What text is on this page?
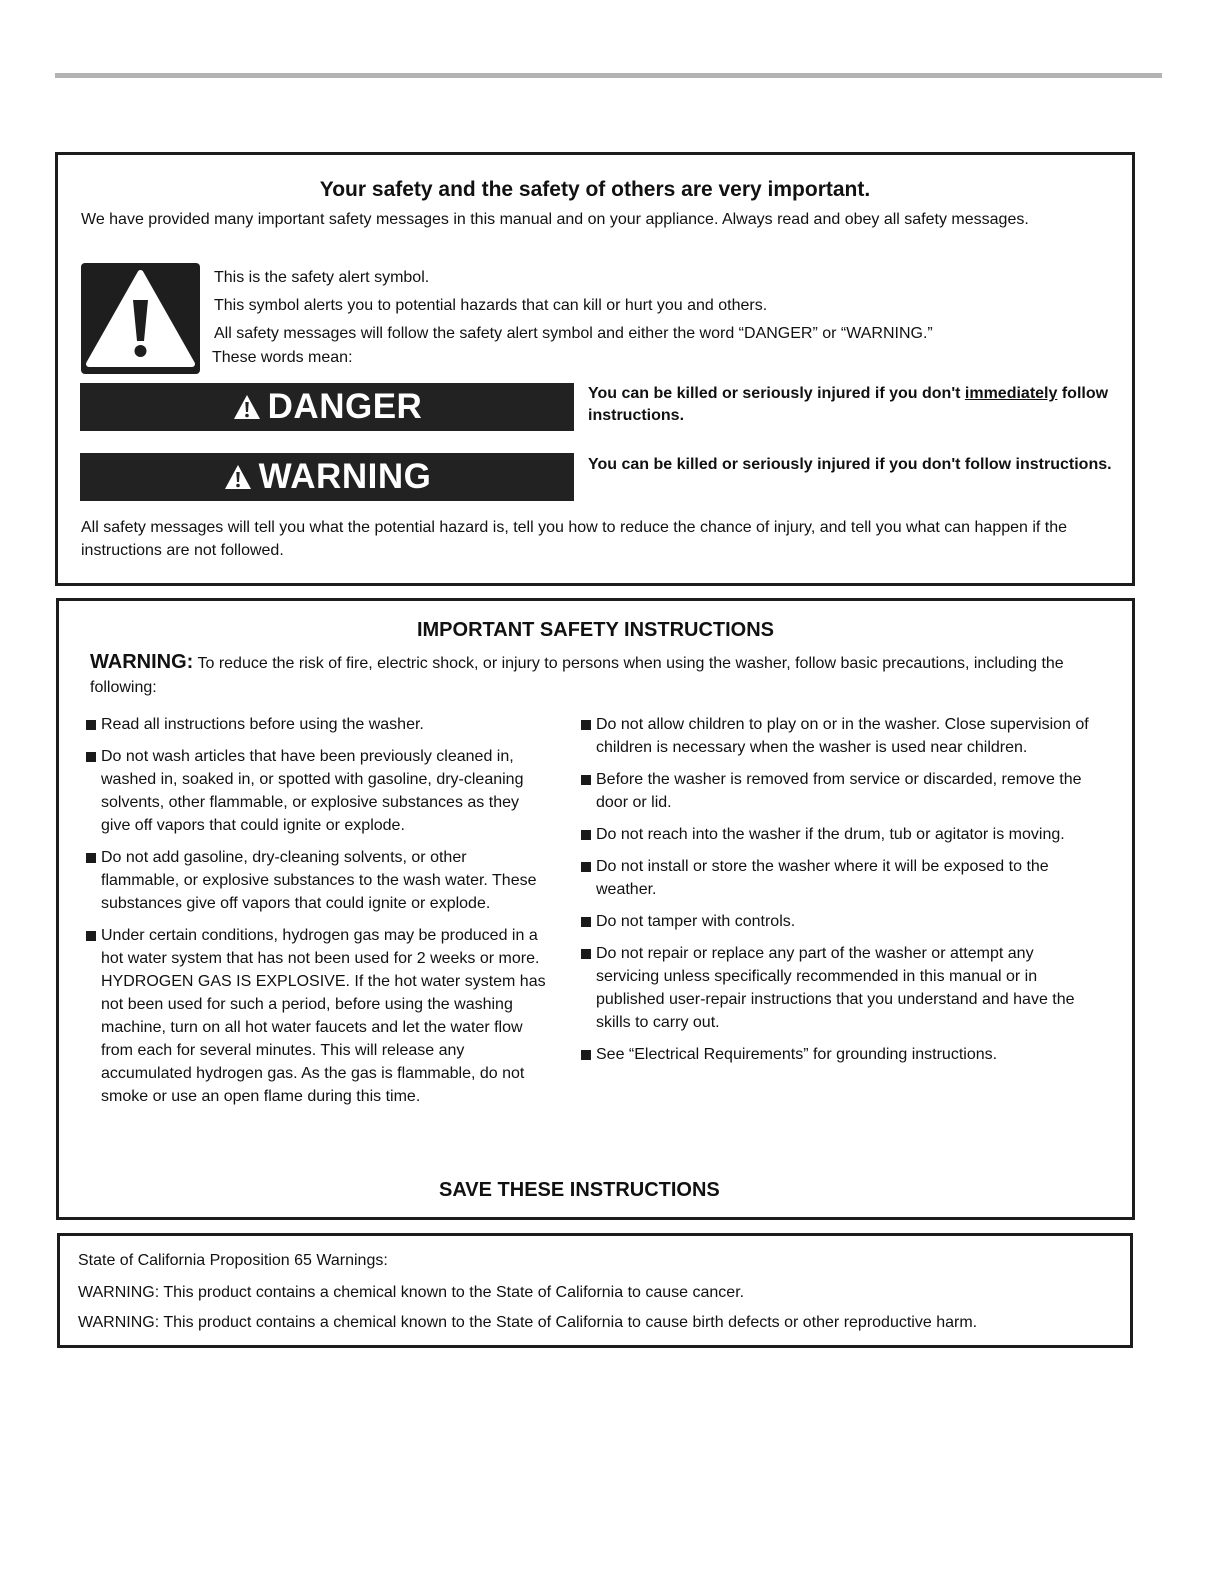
Your safety and the safety of others are very important.
We have provided many important safety messages in this manual and on your appliance. Always read and obey all safety messages.
This is the safety alert symbol.
This symbol alerts you to potential hazards that can kill or hurt you and others.
All safety messages will follow the safety alert symbol and either the word “DANGER” or “WARNING.”
These words mean:
DANGER	You can be killed or seriously injured if you don't immediately follow instructions.
WARNING	You can be killed or seriously injured if you don't follow instructions.
All safety messages will tell you what the potential hazard is, tell you how to reduce the chance of injury, and tell you what can happen if the instructions are not followed.
IMPORTANT SAFETY INSTRUCTIONS
WARNING: To reduce the risk of fire, electric shock, or injury to persons when using the washer, follow basic precautions, including the following:
Read all instructions before using the washer.
Do not wash articles that have been previously cleaned in, washed in, soaked in, or spotted with gasoline, dry-cleaning solvents, other flammable, or explosive substances as they give off vapors that could ignite or explode.
Do not add gasoline, dry-cleaning solvents, or other flammable, or explosive substances to the wash water. These substances give off vapors that could ignite or explode.
Under certain conditions, hydrogen gas may be produced in a hot water system that has not been used for 2 weeks or more. HYDROGEN GAS IS EXPLOSIVE. If the hot water system has not been used for such a period, before using the washing machine, turn on all hot water faucets and let the water flow from each for several minutes. This will release any accumulated hydrogen gas. As the gas is flammable, do not smoke or use an open flame during this time.
Do not allow children to play on or in the washer. Close supervision of children is necessary when the washer is used near children.
Before the washer is removed from service or discarded, remove the door or lid.
Do not reach into the washer if the drum, tub or agitator is moving.
Do not install or store the washer where it will be exposed to the weather.
Do not tamper with controls.
Do not repair or replace any part of the washer or attempt any servicing unless specifically recommended in this manual or in published user-repair instructions that you understand and have the skills to carry out.
See “Electrical Requirements” for grounding instructions.
SAVE THESE INSTRUCTIONS
State of California Proposition 65 Warnings:
WARNING: This product contains a chemical known to the State of California to cause cancer.
WARNING: This product contains a chemical known to the State of California to cause birth defects or other reproductive harm.
